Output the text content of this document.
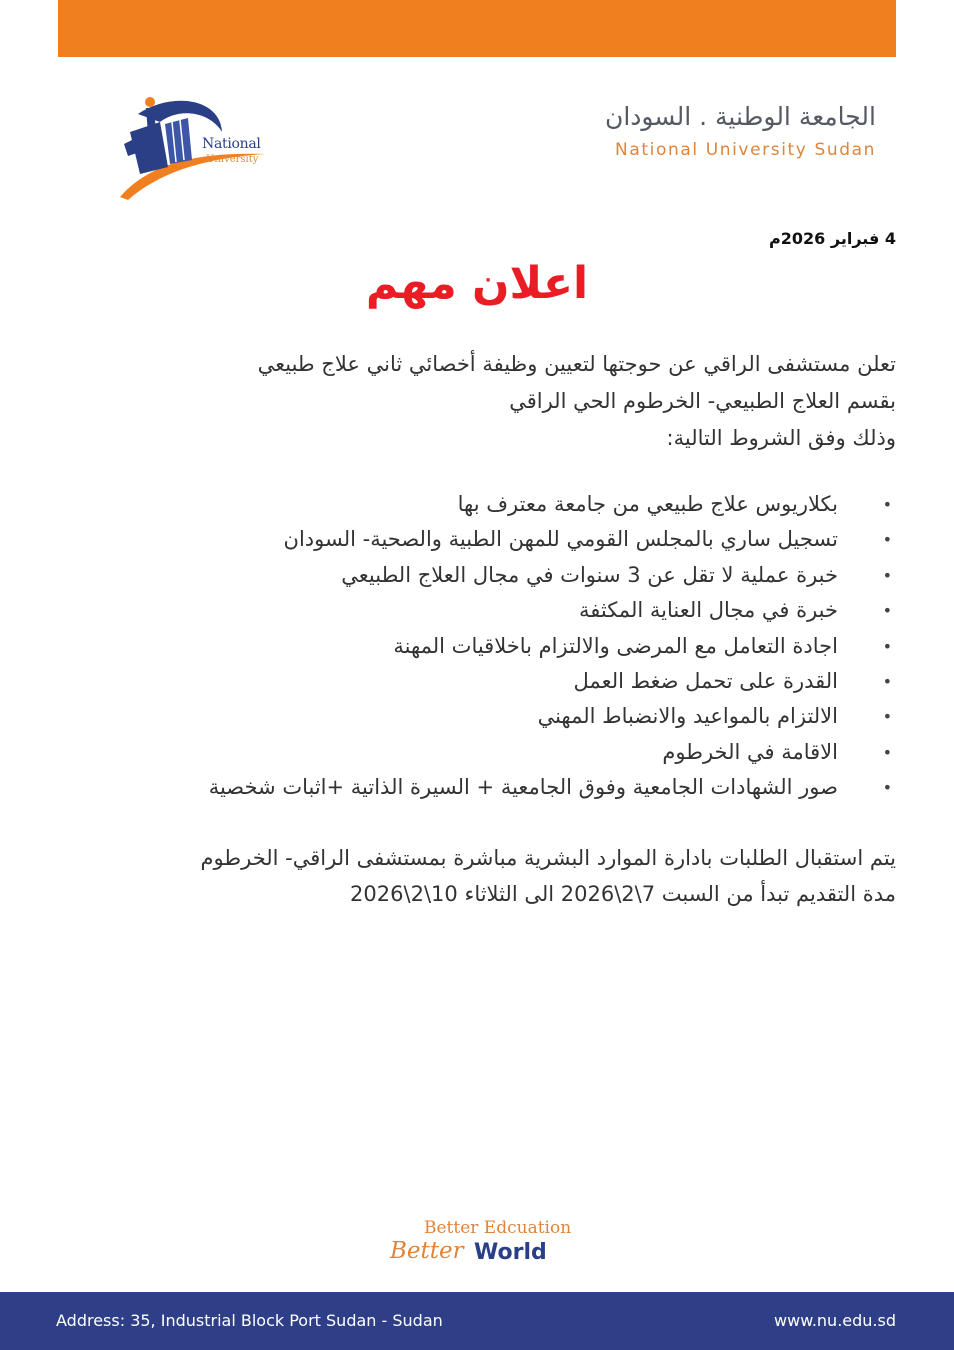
National
University
الجامعة الوطنية . السودان
National University Sudan
4 فبراير 2026م
اعلان مهم
تعلن مستشفى الراقي عن حوجتها لتعيين وظيفة أخصائي ثاني علاج طبيعي
بقسم العلاج الطبيعي- الخرطوم الحي الراقي
وذلك وفق الشروط التالية:
• بكلاريوس علاج طبيعي من جامعة معترف بها
• تسجيل ساري بالمجلس القومي للمهن الطبية والصحية- السودان
• خبرة عملية لا تقل عن 3 سنوات في مجال العلاج الطبيعي
• خبرة في مجال العناية المكثفة
• اجادة التعامل مع المرضى والالتزام باخلاقيات المهنة
• القدرة على تحمل ضغط العمل
• الالتزام بالمواعيد والانضباط المهني
• الاقامة في الخرطوم
• صور الشهادات الجامعية وفوق الجامعية + السيرة الذاتية +اثبات شخصية
يتم استقبال الطلبات بادارة الموارد البشرية مباشرة بمستشفى الراقي- الخرطوم
مدة التقديم تبدأ من السبت 7\2\2026 الى الثلاثاء 10\2\2026
Better Edcuation
Better World
Address: 35, Industrial Block Port Sudan - Sudan	www.nu.edu.sd
